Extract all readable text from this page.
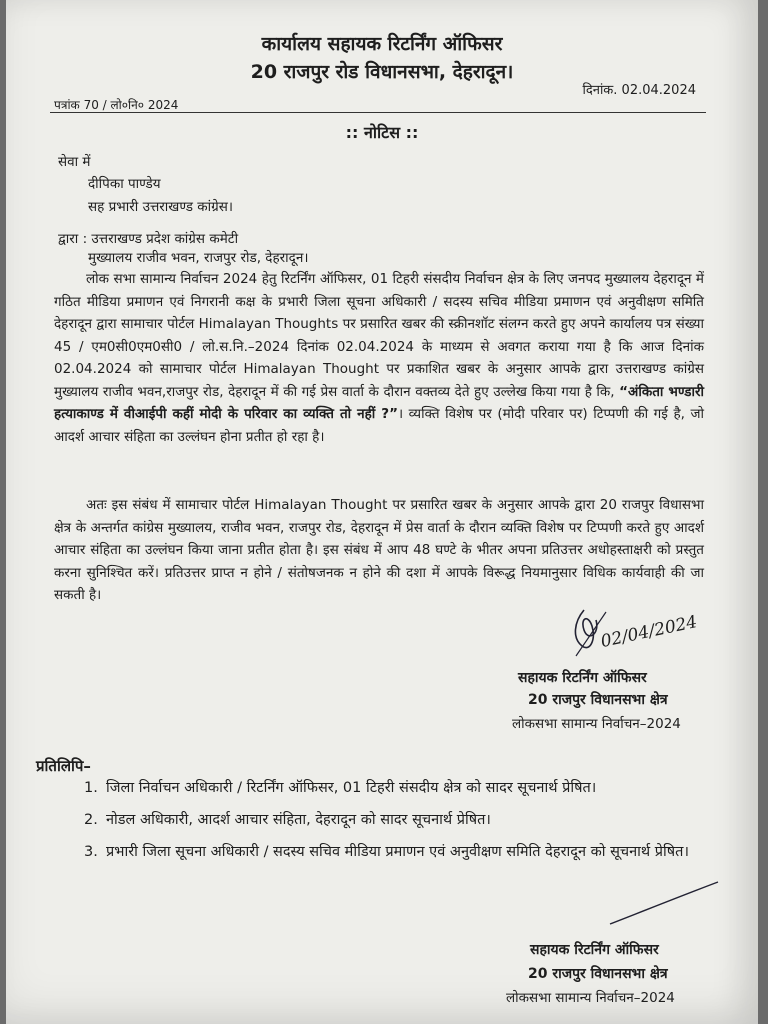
कार्यालय सहायक रिटर्निंग ऑफिसर
20 राजपुर रोड विधानसभा, देहरादून।
दिनांक. 02.04.2024
पत्रांक 70 / लो०नि० 2024
:: नोटिस ::
सेवा में
दीपिका पाण्डेय
सह प्रभारी उत्तराखण्ड कांग्रेस।
द्वारा : उत्तराखण्ड प्रदेश कांग्रेस कमेटी
मुख्यालय राजीव भवन, राजपुर रोड, देहरादून।
लोक सभा सामान्य निर्वाचन 2024 हेतु रिटर्निंग ऑफिसर, 01 टिहरी संसदीय निर्वाचन क्षेत्र के लिए जनपद मुख्यालय देहरादून में गठित मीडिया प्रमाणन एवं निगरानी कक्ष के प्रभारी जिला सूचना अधिकारी / सदस्य सचिव मीडिया प्रमाणन एवं अनुवीक्षण समिति देहरादून द्वारा सामाचार पोर्टल Himalayan Thoughts पर प्रसारित खबर की स्क्रीनशॉट संलग्न करते हुए अपने कार्यालय पत्र संख्या 45 / एम0सी0एम0सी0 / लो.स.नि.–2024 दिनांक 02.04.2024 के माध्यम से अवगत कराया गया है कि आज दिनांक 02.04.2024 को सामाचार पोर्टल Himalayan Thought पर प्रकाशित खबर के अनुसार आपके द्वारा उत्तराखण्ड कांग्रेस मुख्यालय राजीव भवन,राजपुर रोड, देहरादून में की गई प्रेस वार्ता के दौरान वक्तव्य देते हुए उल्लेख किया गया है कि, “अंकिता भण्डारी हत्याकाण्ड में वीआईपी कहीं मोदी के परिवार का व्यक्ति तो नहीं ?”। व्यक्ति विशेष पर (मोदी परिवार पर) टिप्पणी की गई है, जो आदर्श आचार संहिता का उल्लंघन होना प्रतीत हो रहा है।
अतः इस संबंध में सामाचार पोर्टल Himalayan Thought पर प्रसारित खबर के अनुसार आपके द्वारा 20 राजपुर विधासभा क्षेत्र के अन्तर्गत कांग्रेस मुख्यालय, राजीव भवन, राजपुर रोड, देहरादून में प्रेस वार्ता के दौरान व्यक्ति विशेष पर टिप्पणी करते हुए आदर्श आचार संहिता का उल्लंघन किया जाना प्रतीत होता है। इस संबंध में आप 48 घण्टे के भीतर अपना प्रतिउत्तर अधोहस्ताक्षरी को प्रस्तुत करना सुनिश्चित करें। प्रतिउत्तर प्राप्त न होने / संतोषजनक न होने की दशा में आपके विरूद्ध नियमानुसार विधिक कार्यवाही की जा सकती है।
02/04/2024
सहायक रिटर्निंग ऑफिसर
20 राजपुर विधानसभा क्षेत्र
लोकसभा सामान्य निर्वाचन–2024
प्रतिलिपि–
1. जिला निर्वाचन अधिकारी / रिटर्निंग ऑफिसर, 01 टिहरी संसदीय क्षेत्र को सादर सूचनार्थ प्रेषित।
2. नोडल अधिकारी, आदर्श आचार संहिता, देहरादून को सादर सूचनार्थ प्रेषित।
3. प्रभारी जिला सूचना अधिकारी / सदस्य सचिव मीडिया प्रमाणन एवं अनुवीक्षण समिति देहरादून को सूचनार्थ प्रेषित।
सहायक रिटर्निंग ऑफिसर
20 राजपुर विधानसभा क्षेत्र
लोकसभा सामान्य निर्वाचन–2024
